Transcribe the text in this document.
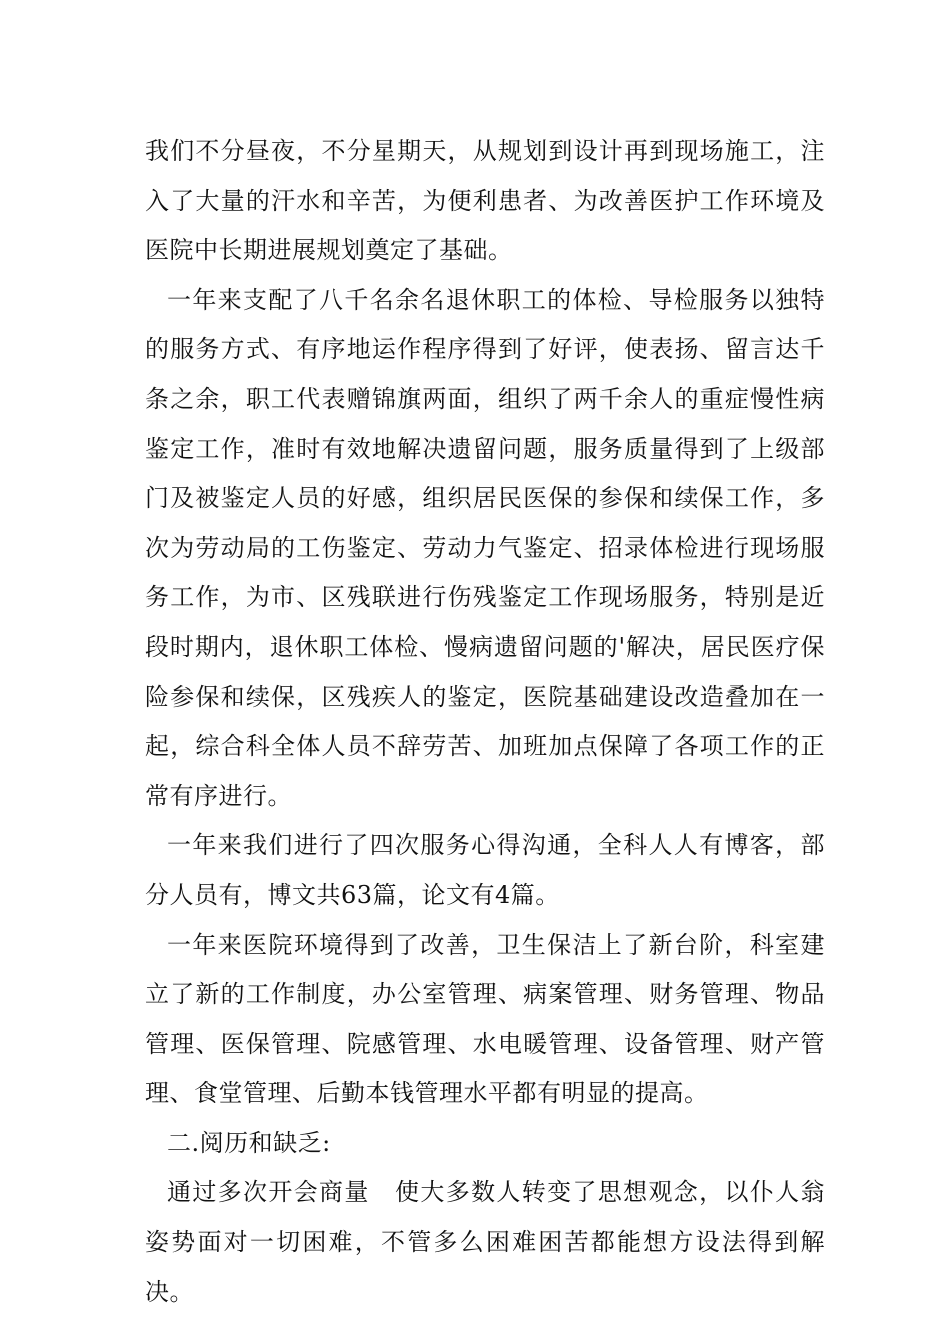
我们不分昼夜，不分星期天，从规划到设计再到现场施工，注入了大量的汗水和辛苦，为便利患者、为改善医护工作环境及医院中长期进展规划奠定了基础。

一年来支配了八千名余名退休职工的体检、导检服务以独特的服务方式、有序地运作程序得到了好评，使表扬、留言达千条之余，职工代表赠锦旗两面，组织了两千余人的重症慢性病鉴定工作，准时有效地解决遗留问题，服务质量得到了上级部门及被鉴定人员的好感，组织居民医保的参保和续保工作，多次为劳动局的工伤鉴定、劳动力气鉴定、招录体检进行现场服务工作，为市、区残联进行伤残鉴定工作现场服务，特别是近段时期内，退休职工体检、慢病遗留问题的'解决，居民医疗保险参保和续保，区残疾人的鉴定，医院基础建设改造叠加在一起，综合科全体人员不辞劳苦、加班加点保障了各项工作的正常有序进行。

一年来我们进行了四次服务心得沟通，全科人人有博客，部分人员有，博文共63篇，论文有4篇。

一年来医院环境得到了改善，卫生保洁上了新台阶，科室建立了新的工作制度，办公室管理、病案管理、财务管理、物品管理、医保管理、院感管理、水电暖管理、设备管理、财产管理、食堂管理、后勤本钱管理水平都有明显的提高。

二.阅历和缺乏:

通过多次开会商量　使大多数人转变了思想观念，以仆人翁姿势面对一切困难，不管多么困难困苦都能想方设法得到解决。
